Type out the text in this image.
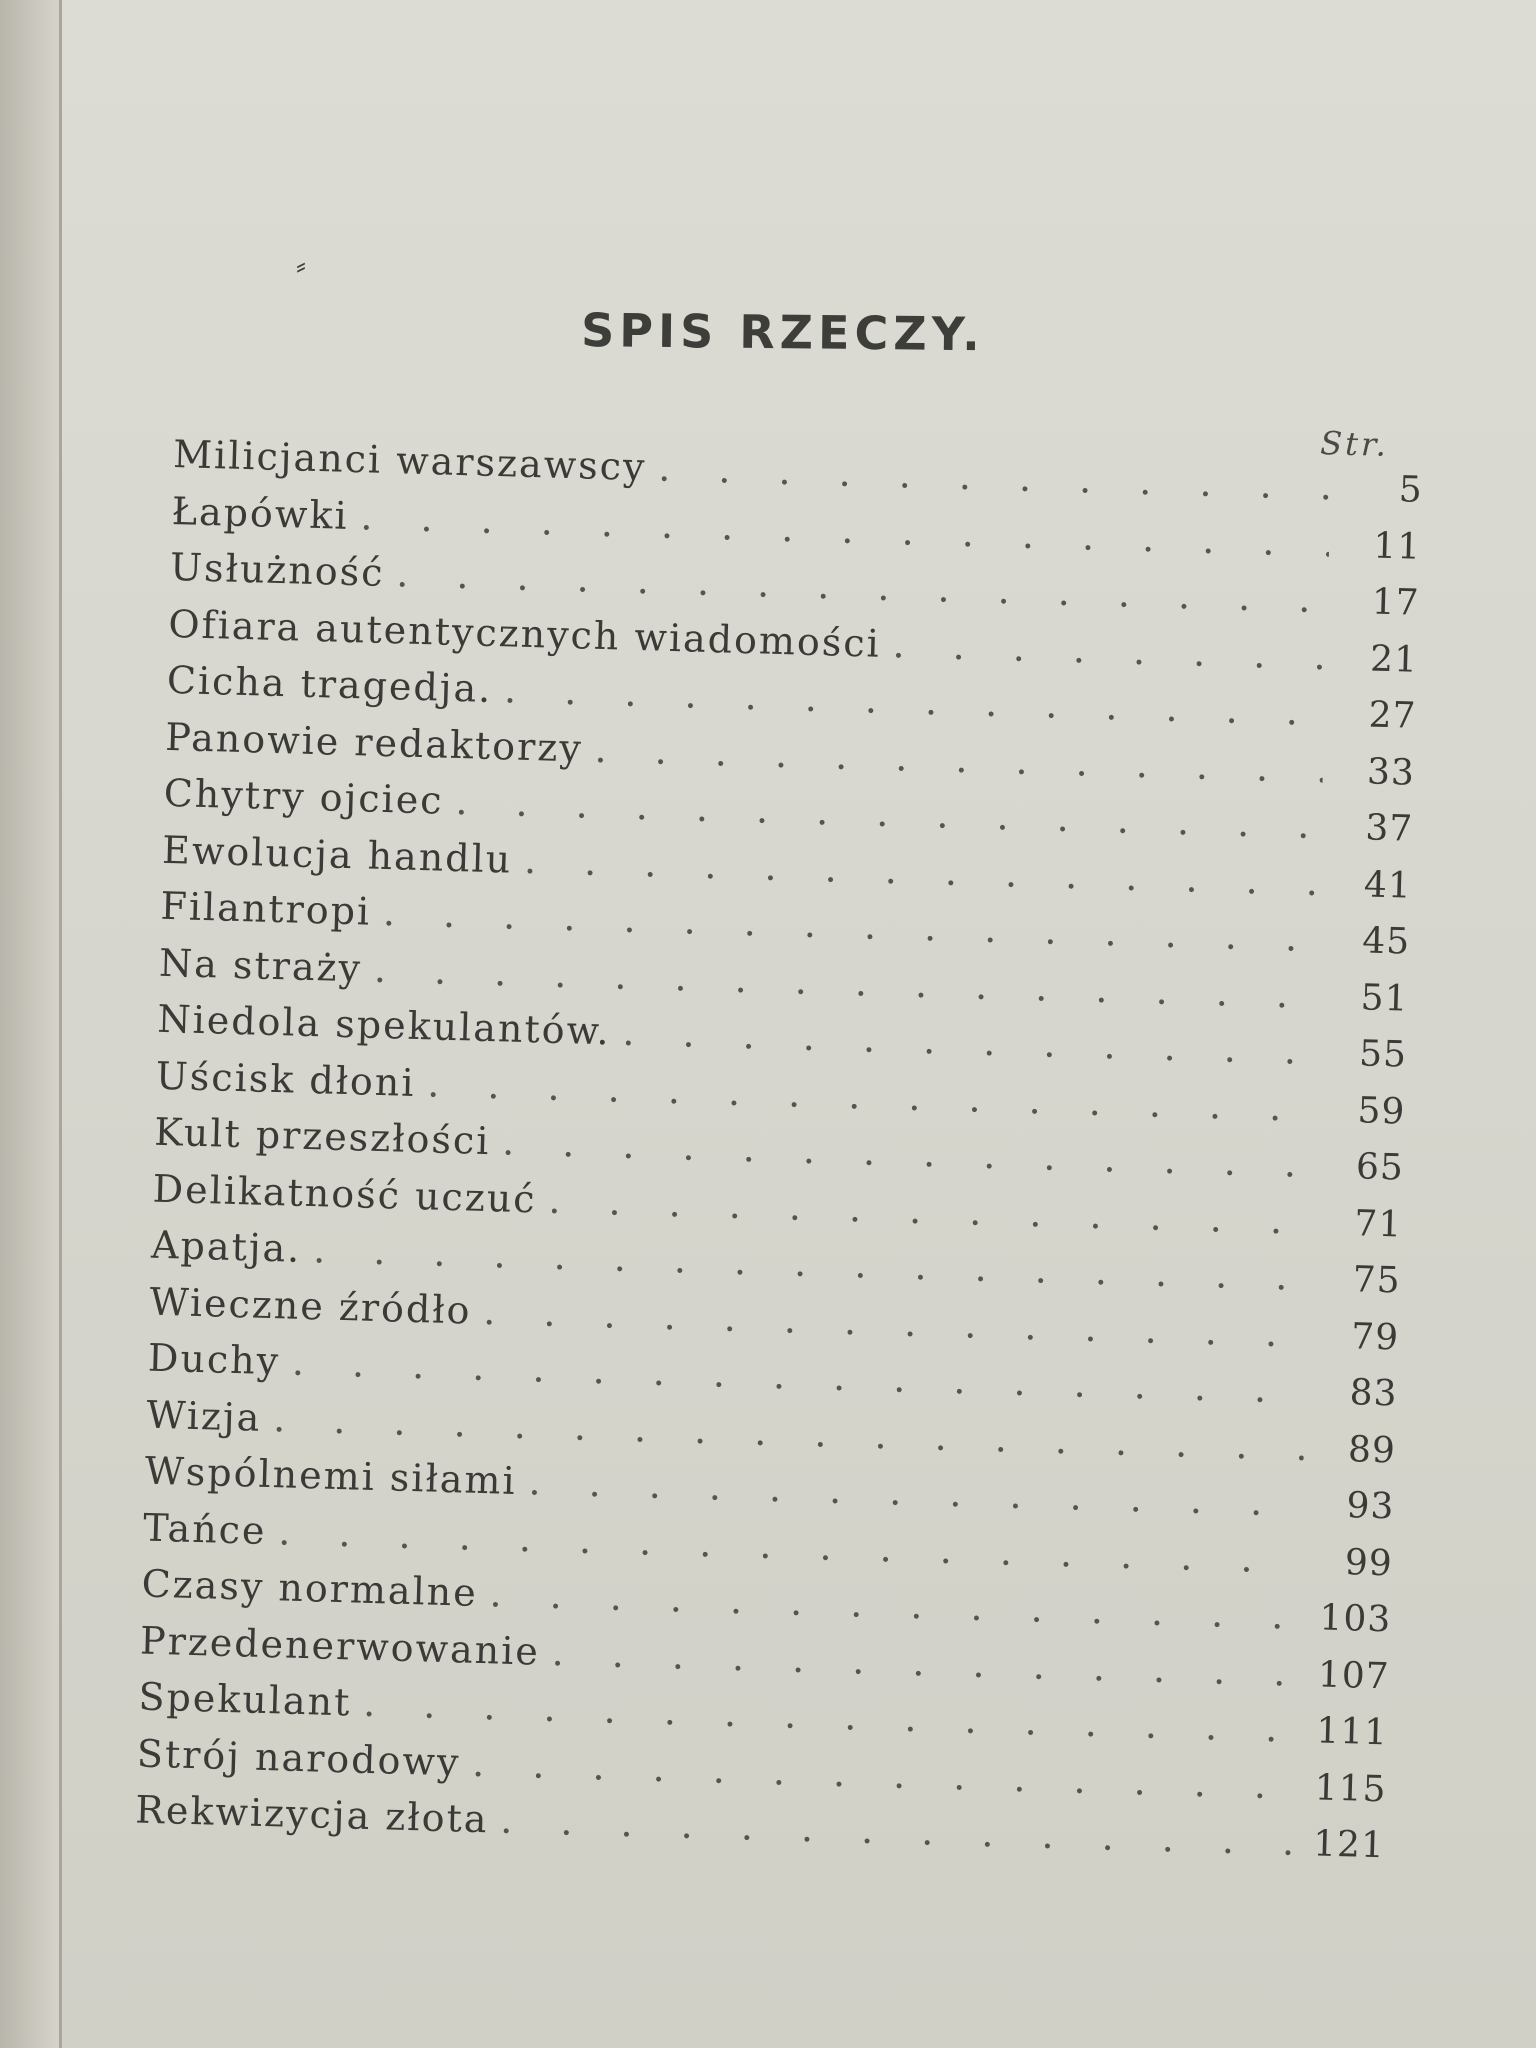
⸗
SPIS RZECZY.
Str.
Milicjanci warszawscy
. . .
5
Łapówki
. . .
11
Usłużność
. . .
17
Ofiara autentycznych wiadomości
. . .	21
Cicha tragedja.
. . .
27
Panowie redaktorzy
. . .
33
Chytry ojciec
. . .
37
Ewolucja handlu
. . .
41
Filantropi
. . .
45
Na straży
. . .
51
Niedola spekulantów.
. . .
55
Uścisk dłoni
. . .
59
Kult przeszłości
. . .
65
Delikatność uczuć
. . .
71
Apatja.
. . .
75
Wieczne źródło
. . .
79
Duchy
. . .
83
Wizja
. . .
89
Wspólnemi siłami
. . .
93
Tańce
. . .
99
Czasy normalne
. . .
103
Przedenerwowanie
. . .
107
Spekulant
. . .
111
Strój narodowy
. . .
115
Rekwizycja złota
. . .
121
